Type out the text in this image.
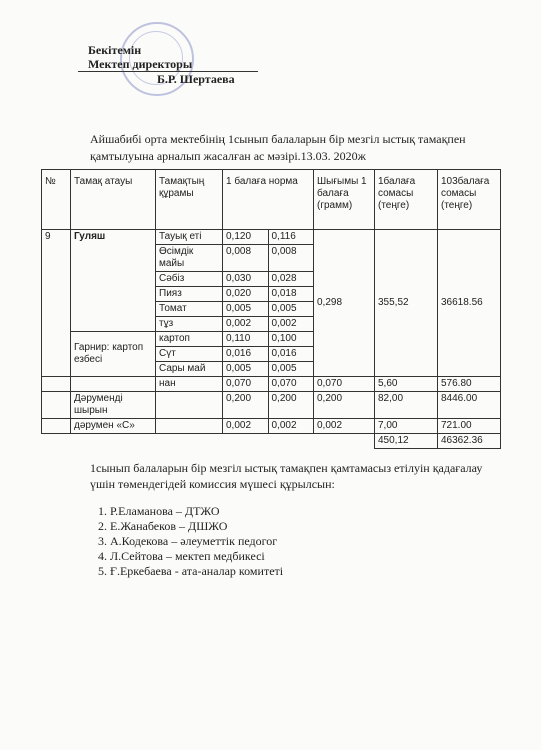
Бекітемін
Мектеп директоры

Б.Р. Шертаева
Айшабибі орта мектебінің 1сынып балаларын бір мезгіл ыстық тамақпен қамтылуына арналып жасалған ас мәзірі.13.03. 2020ж
№	Тамақ атауы	Тамақтың құрамы	1 балаға норма		Шығымы 1 балаға (грамм)	1балаға сомасы (теңге)	103балаға сомасы (теңге)
9	Гуляш	Тауық еті	0,120	0,116	0,298	355,52	36618.56
		Өсімдік майы	0,008	0,008			
		Сәбіз	0,030	0,028			
		Пияз	0,020	0,018			
		Томат	0,005	0,005			
		тұз	0,002	0,002			
	Гарнир: картоп езбесі	картоп	0,110	0,100			
		Сүт	0,016	0,016			
		Сары май	0,005	0,005			
		нан	0,070	0,070	0,070	5,60	576.80
	Дәрумендi шырын		0,200	0,200	0,200	82,00	8446.00
	дәрумен «С»		0,002	0,002	0,002	7,00	721.00
						450,12	46362.36
1сынып балаларын бір мезгіл ыстық тамақпен қамтамасыз етілуін қадағалау үшін төмендегідей комиссия мүшесі құрылсын:
1. Р.Еламанова – ДТЖО
2. Е.Жанабеков – ДШЖО
3. А.Кодекова – әлеуметтік педогог
4. Л.Сейтова – мектеп медбикесі
5. Ғ.Еркебаева - ата-аналар комитеті
